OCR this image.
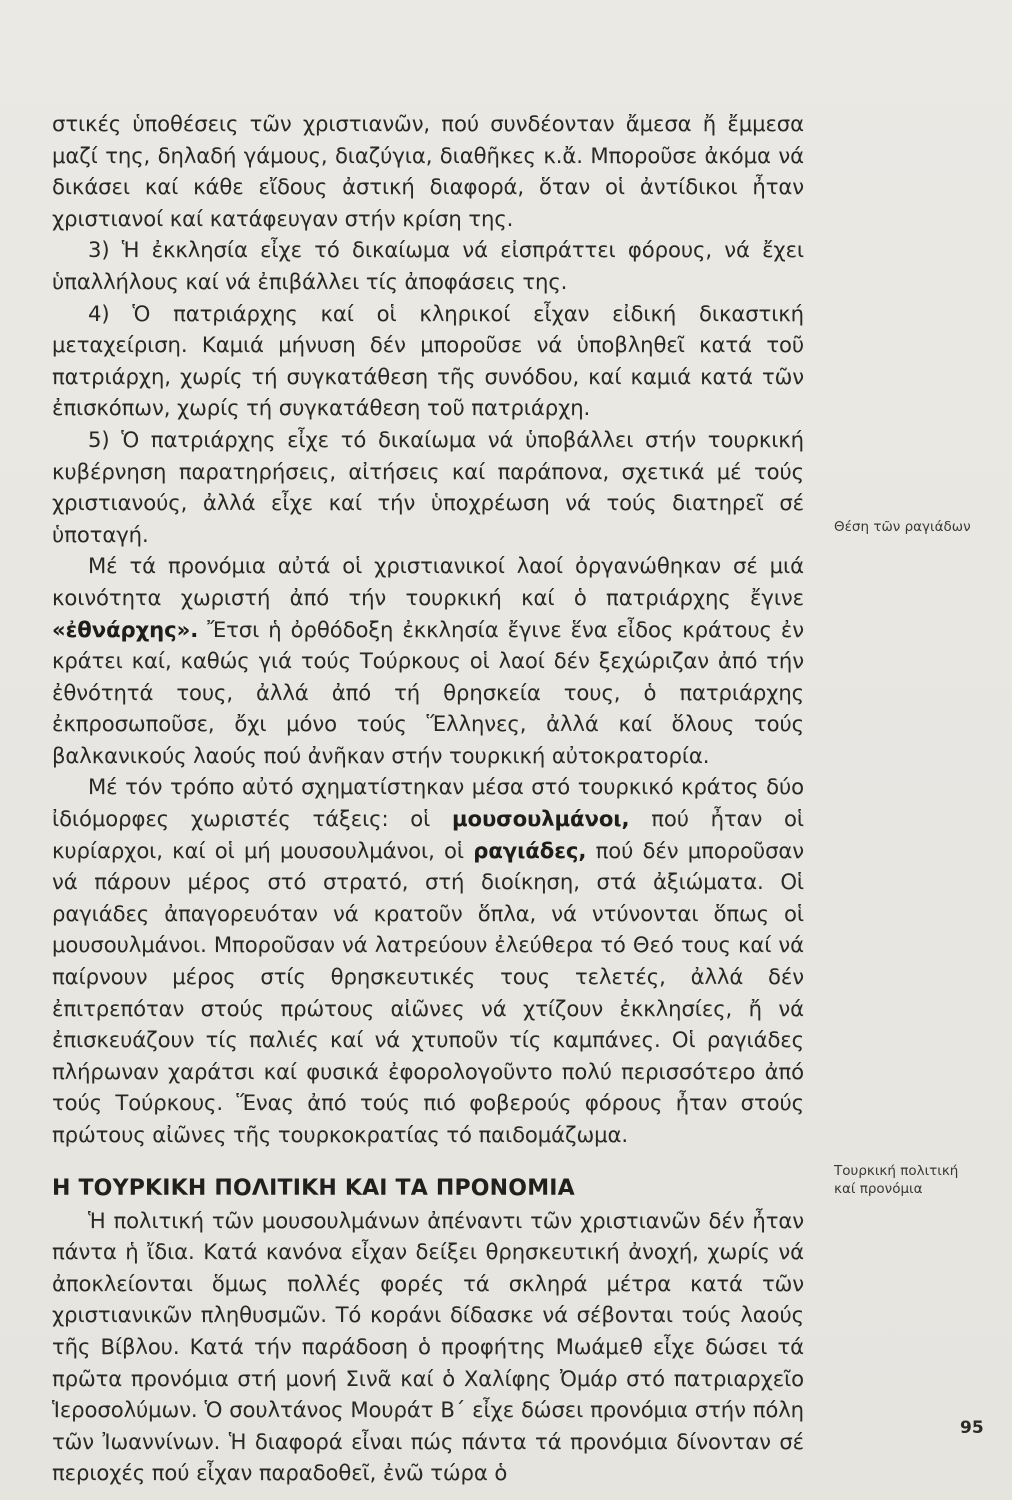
στικές ὑποθέσεις τῶν χριστιανῶν, πού συνδέονταν ἄμεσα ἤ ἔμμεσα μαζί της, δηλαδή γάμους, διαζύγια, διαθῆκες κ.ἄ. Μποροῦσε ἀκόμα νά δικάσει καί κάθε εἴδους ἀστική διαφορά, ὅταν οἱ ἀντίδικοι ἦταν χριστιανοί καί κατάφευγαν στήν κρίση της.

3) Ἡ ἐκκλησία εἶχε τό δικαίωμα νά εἰσπράττει φόρους, νά ἔχει ὑπαλλήλους καί νά ἐπιβάλλει τίς ἀποφάσεις της.

4) Ὁ πατριάρχης καί οἱ κληρικοί εἶχαν εἰδική δικαστική μεταχείριση. Καμιά μήνυση δέν μποροῦσε νά ὑποβληθεῖ κατά τοῦ πατριάρχη, χωρίς τή συγκατάθεση τῆς συνόδου, καί καμιά κατά τῶν ἐπισκόπων, χωρίς τή συγκατάθεση τοῦ πατριάρχη.

5) Ὁ πατριάρχης εἶχε τό δικαίωμα νά ὑποβάλλει στήν τουρκική κυβέρνηση παρατηρήσεις, αἰτήσεις καί παράπονα, σχετικά μέ τούς χριστιανούς, ἀλλά εἶχε καί τήν ὑποχρέωση νά τούς διατηρεῖ σέ ὑποταγή.

Μέ τά προνόμια αὐτά οἱ χριστιανικοί λαοί ὀργανώθηκαν σέ μιά κοινότητα χωριστή ἀπό τήν τουρκική καί ὁ πατριάρχης ἔγινε «ἐθνάρχης». Ἔτσι ἡ ὀρθόδοξη ἐκκλησία ἔγινε ἕνα εἶδος κράτους ἐν κράτει καί, καθώς γιά τούς Τούρκους οἱ λαοί δέν ξεχώριζαν ἀπό τήν ἐθνότητά τους, ἀλλά ἀπό τή θρησκεία τους, ὁ πατριάρχης ἐκπροσωποῦσε, ὄχι μόνο τούς Ἕλληνες, ἀλλά καί ὅλους τούς βαλκανικούς λαούς πού ἀνῆκαν στήν τουρκική αὐτοκρατορία.

Μέ τόν τρόπο αὐτό σχηματίστηκαν μέσα στό τουρκικό κράτος δύο ἰδιόμορφες χωριστές τάξεις: οἱ μουσουλμάνοι, πού ἦταν οἱ κυρίαρχοι, καί οἱ μή μουσουλμάνοι, οἱ ραγιάδες, πού δέν μποροῦσαν νά πάρουν μέρος στό στρατό, στή διοίκηση, στά ἀξιώματα. Οἱ ραγιάδες ἀπαγορευόταν νά κρατοῦν ὅπλα, νά ντύνονται ὅπως οἱ μουσουλμάνοι. Μποροῦσαν νά λατρεύουν ἐλεύθερα τό Θεό τους καί νά παίρνουν μέρος στίς θρησκευτικές τους τελετές, ἀλλά δέν ἐπιτρεπόταν στούς πρώτους αἰῶνες νά χτίζουν ἐκκλησίες, ἤ νά ἐπισκευάζουν τίς παλιές καί νά χτυποῦν τίς καμπάνες. Οἱ ραγιάδες πλήρωναν χαράτσι καί φυσικά ἐφορολογοῦντο πολύ περισσότερο ἀπό τούς Τούρκους. Ἕνας ἀπό τούς πιό φοβερούς φόρους ἦταν στούς πρώτους αἰῶνες τῆς τουρκοκρατίας τό παιδομάζωμα.

Η ΤΟΥΡΚΙΚΗ ΠΟΛΙΤΙΚΗ ΚΑΙ ΤΑ ΠΡΟΝΟΜΙΑ

Ἡ πολιτική τῶν μουσουλμάνων ἀπέναντι τῶν χριστιανῶν δέν ἦταν πάντα ἡ ἴδια. Κατά κανόνα εἶχαν δείξει θρησκευτική ἀνοχή, χωρίς νά ἀποκλείονται ὅμως πολλές φορές τά σκληρά μέτρα κατά τῶν χριστιανικῶν πληθυσμῶν. Τό κοράνι δίδασκε νά σέβονται τούς λαούς τῆς Βίβλου. Κατά τήν παράδοση ὁ προφήτης Μωάμεθ εἶχε δώσει τά πρῶτα προνόμια στή μονή Σινᾶ καί ὁ Χαλίφης Ὀμάρ στό πατριαρχεῖο Ἱεροσολύμων. Ὁ σουλτάνος Μουράτ Β΄ εἶχε δώσει προνόμια στήν πόλη τῶν Ἰωαννίνων. Ἡ διαφορά εἶναι πώς πάντα τά προνόμια δίνονταν σέ περιοχές πού εἶχαν παραδοθεῖ, ἐνῶ τώρα ὁ

Θέση τῶν ραγιάδων
Τουρκική πολιτική
καί προνόμια
95
